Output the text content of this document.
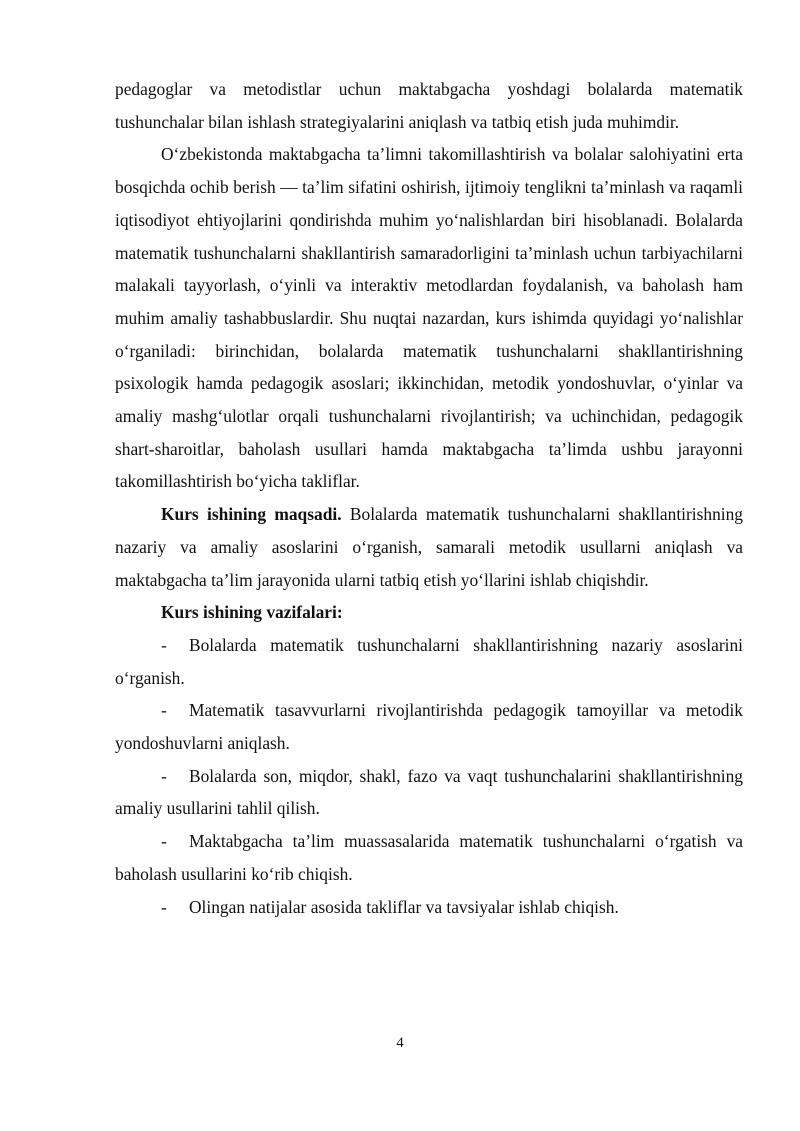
pedagoglar va metodistlar uchun maktabgacha yoshdagi bolalarda matematik tushunchalar bilan ishlash strategiyalarini aniqlash va tatbiq etish juda muhimdir.

O‘zbekistonda maktabgacha ta’limni takomillashtirish va bolalar salohiyatini erta bosqichda ochib berish — ta’lim sifatini oshirish, ijtimoiy tenglikni ta’minlash va raqamli iqtisodiyot ehtiyojlarini qondirishda muhim yo‘nalishlardan biri hisoblanadi. Bolalarda matematik tushunchalarni shakllantirish samaradorligini ta’minlash uchun tarbiyachilarni malakali tayyorlash, o‘yinli va interaktiv metodlardan foydalanish, va baholash ham muhim amaliy tashabbuslardir. Shu nuqtai nazardan, kurs ishimda quyidagi yo‘nalishlar o‘rganiladi: birinchidan, bolalarda matematik tushunchalarni shakllantirishning psixologik hamda pedagogik asoslari; ikkinchidan, metodik yondoshuvlar, o‘yinlar va amaliy mashg‘ulotlar orqali tushunchalarni rivojlantirish; va uchinchidan, pedagogik shart-sharoitlar, baholash usullari hamda maktabgacha ta’limda ushbu jarayonni takomillashtirish bo‘yicha takliflar.

Kurs ishining maqsadi. Bolalarda matematik tushunchalarni shakllantirishning nazariy va amaliy asoslarini o‘rganish, samarali metodik usullarni aniqlash va maktabgacha ta’lim jarayonida ularni tatbiq etish yo‘llarini ishlab chiqishdir.

Kurs ishining vazifalari:

- Bolalarda matematik tushunchalarni shakllantirishning nazariy asoslarini o‘rganish.

- Matematik tasavvurlarni rivojlantirishda pedagogik tamoyillar va metodik yondoshuvlarni aniqlash.

- Bolalarda son, miqdor, shakl, fazo va vaqt tushunchalarini shakllantirishning amaliy usullarini tahlil qilish.

- Maktabgacha ta’lim muassasalarida matematik tushunchalarni o‘rgatish va baholash usullarini ko‘rib chiqish.

- Olingan natijalar asosida takliflar va tavsiyalar ishlab chiqish.

4
